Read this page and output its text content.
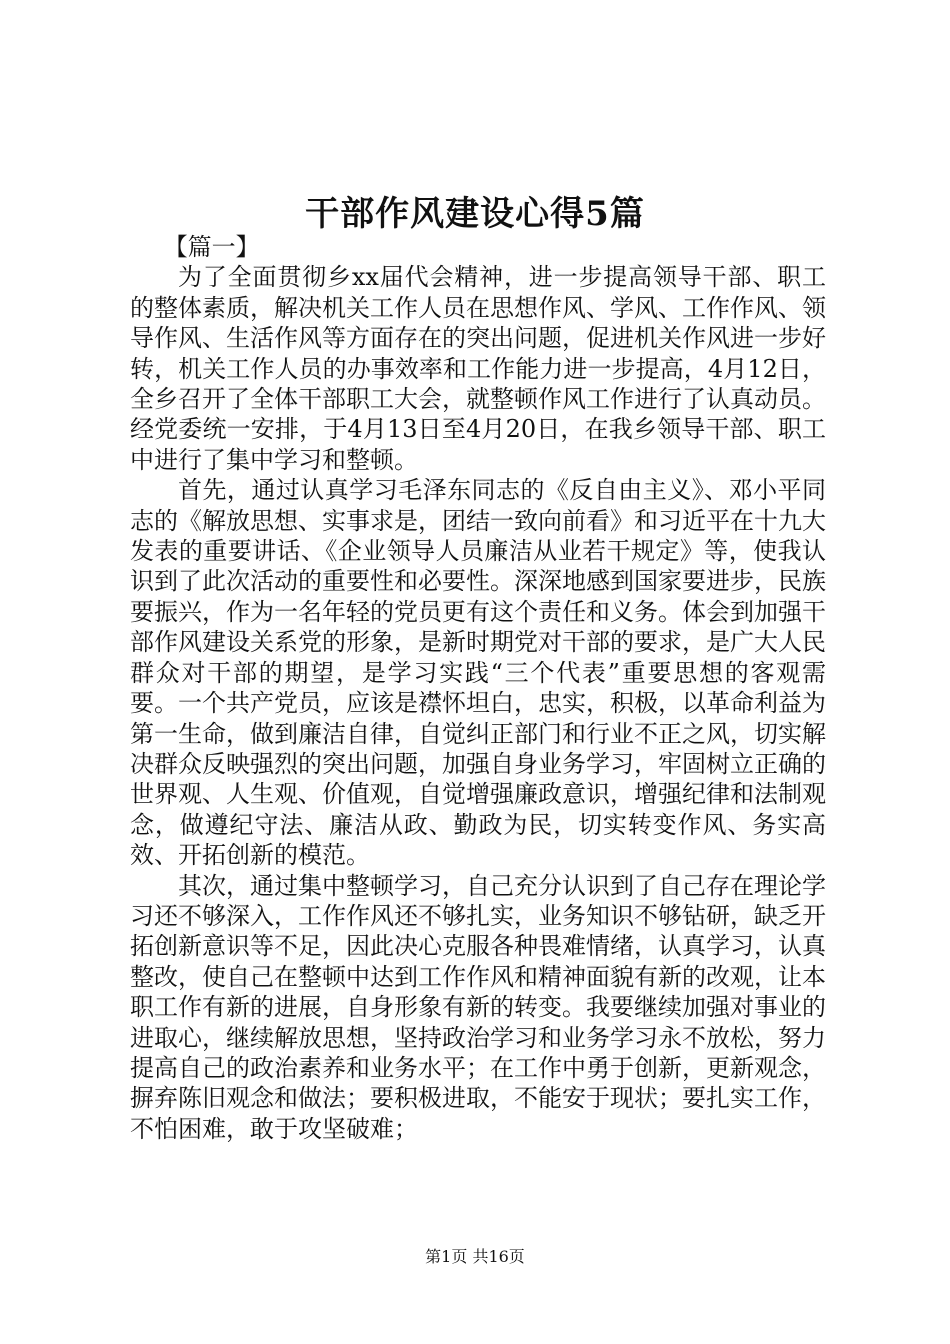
干部作风建设心得5篇
【篇一】

为了全面贯彻乡xx届代会精神，进一步提高领导干部、职工的整体素质，解决机关工作人员在思想作风、学风、工作作风、领导作风、生活作风等方面存在的突出问题，促进机关作风进一步好转，机关工作人员的办事效率和工作能力进一步提高，4月12日，全乡召开了全体干部职工大会，就整顿作风工作进行了认真动员。经党委统一安排，于4月13日至4月20日，在我乡领导干部、职工中进行了集中学习和整顿。

首先，通过认真学习毛泽东同志的《反自由主义》、邓小平同志的《解放思想、实事求是，团结一致向前看》和习近平在十九大发表的重要讲话、《企业领导人员廉洁从业若干规定》等，使我认识到了此次活动的重要性和必要性。深深地感到国家要进步，民族要振兴，作为一名年轻的党员更有这个责任和义务。体会到加强干部作风建设关系党的形象，是新时期党对干部的要求，是广大人民群众对干部的期望，是学习实践“三个代表”重要思想的客观需要。一个共产党员，应该是襟怀坦白，忠实，积极，以革命利益为第一生命，做到廉洁自律，自觉纠正部门和行业不正之风，切实解决群众反映强烈的突出问题，加强自身业务学习，牢固树立正确的世界观、人生观、价值观，自觉增强廉政意识，增强纪律和法制观念，做遵纪守法、廉洁从政、勤政为民，切实转变作风、务实高效、开拓创新的模范。

其次，通过集中整顿学习，自己充分认识到了自己存在理论学习还不够深入，工作作风还不够扎实，业务知识不够钻研，缺乏开拓创新意识等不足，因此决心克服各种畏难情绪，认真学习，认真整改，使自己在整顿中达到工作作风和精神面貌有新的改观，让本职工作有新的进展，自身形象有新的转变。我要继续加强对事业的进取心，继续解放思想，坚持政治学习和业务学习永不放松，努力提高自己的政治素养和业务水平；在工作中勇于创新，更新观念，摒弃陈旧观念和做法；要积极进取，不能安于现状；要扎实工作，不怕困难，敢于攻坚破难；

第1页 共16页
